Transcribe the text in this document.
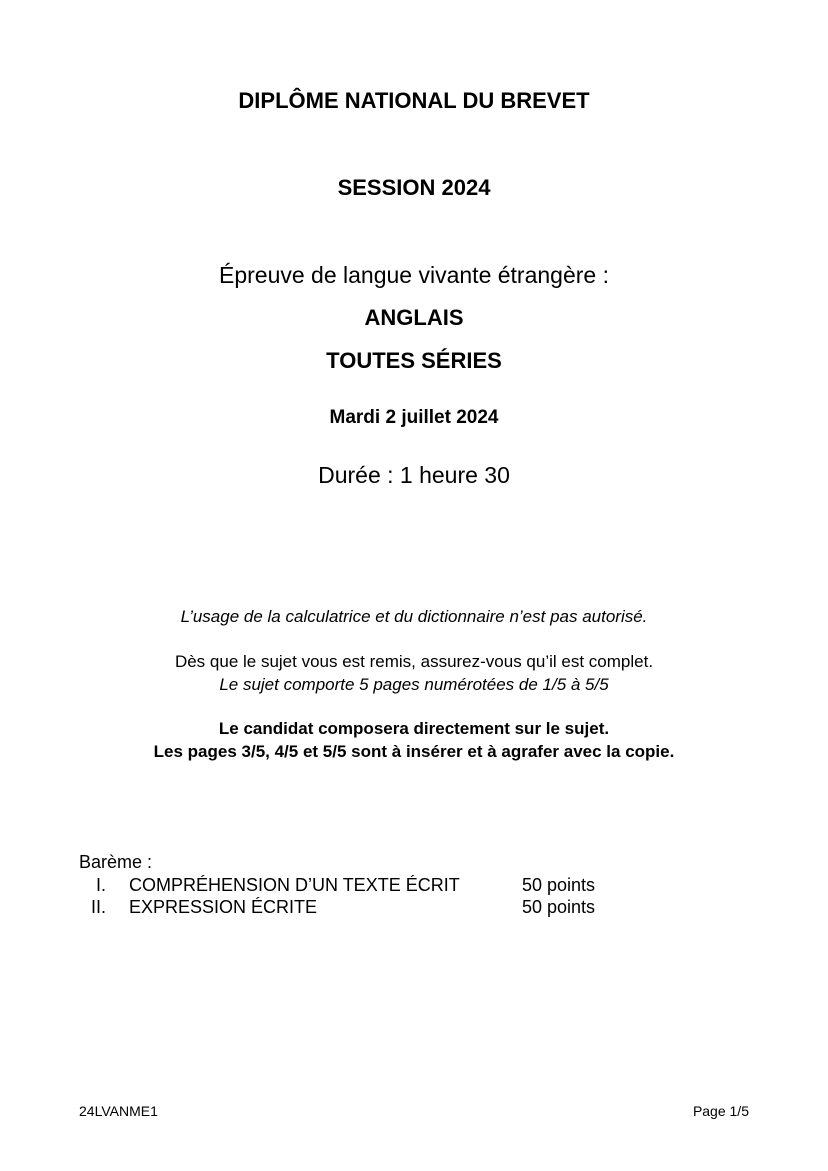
DIPLÔME NATIONAL DU BREVET
SESSION 2024
Épreuve de langue vivante étrangère :
ANGLAIS
TOUTES SÉRIES
Mardi 2 juillet 2024
Durée : 1 heure 30
L’usage de la calculatrice et du dictionnaire n’est pas autorisé.
Dès que le sujet vous est remis, assurez-vous qu’il est complet.
Le sujet comporte 5 pages numérotées de 1/5 à 5/5
Le candidat composera directement sur le sujet.
Les pages 3/5, 4/5 et 5/5 sont à insérer et à agrafer avec la copie.
Barème :
I. COMPRÉHENSION D’UN TEXTE ÉCRIT	50 points
II. EXPRESSION ÉCRITE	50 points
24LVANME1	Page 1/5
